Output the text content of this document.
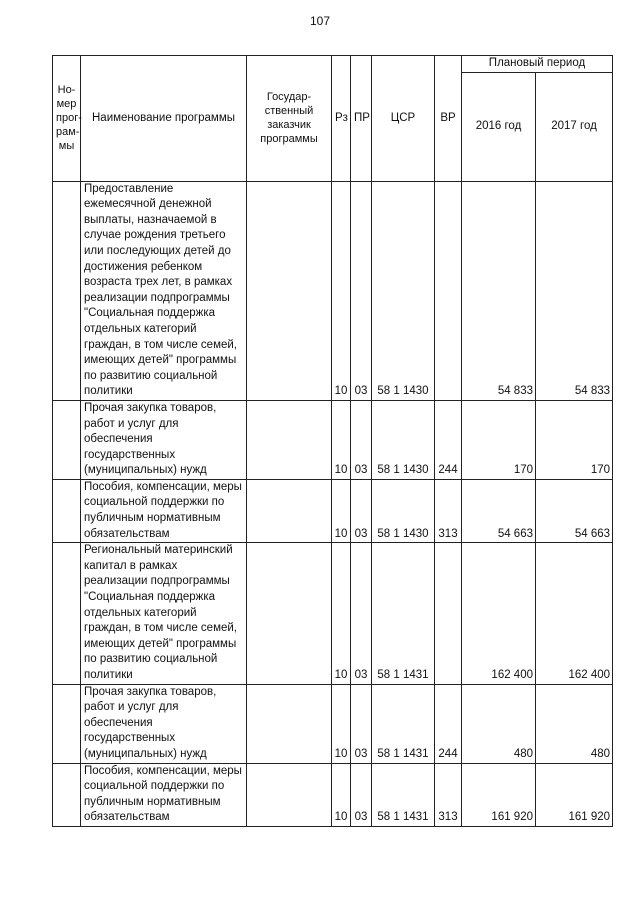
107
Но-мер прог-рам-мы	Наименование программы	Государ-ственный заказчик программы	Рз	ПР	ЦСР	ВР	Плановый период	
							2016 год	2017 год
	Предоставление ежемесячной денежной выплаты, назначаемой в случае рождения третьего или последующих детей до достижения ребенком возраста трех лет, в рамках реализации подпрограммы "Социальная поддержка отдельных категорий граждан, в том числе семей, имеющих детей" программы по развитию социальной политики		10	03	58 1 1430		54 833	54 833
	Прочая закупка товаров, работ и услуг для обеспечения государственных (муниципальных) нужд		10	03	58 1 1430	244	170	170
	Пособия, компенсации, меры социальной поддержки по публичным нормативным обязательствам		10	03	58 1 1430	313	54 663	54 663
	Региональный материнский капитал в рамках реализации подпрограммы "Социальная поддержка отдельных категорий граждан, в том числе семей, имеющих детей" программы по развитию социальной политики		10	03	58 1 1431		162 400	162 400
	Прочая закупка товаров, работ и услуг для обеспечения государственных (муниципальных) нужд		10	03	58 1 1431	244	480	480
	Пособия, компенсации, меры социальной поддержки по публичным нормативным обязательствам		10	03	58 1 1431	313	161 920	161 920
